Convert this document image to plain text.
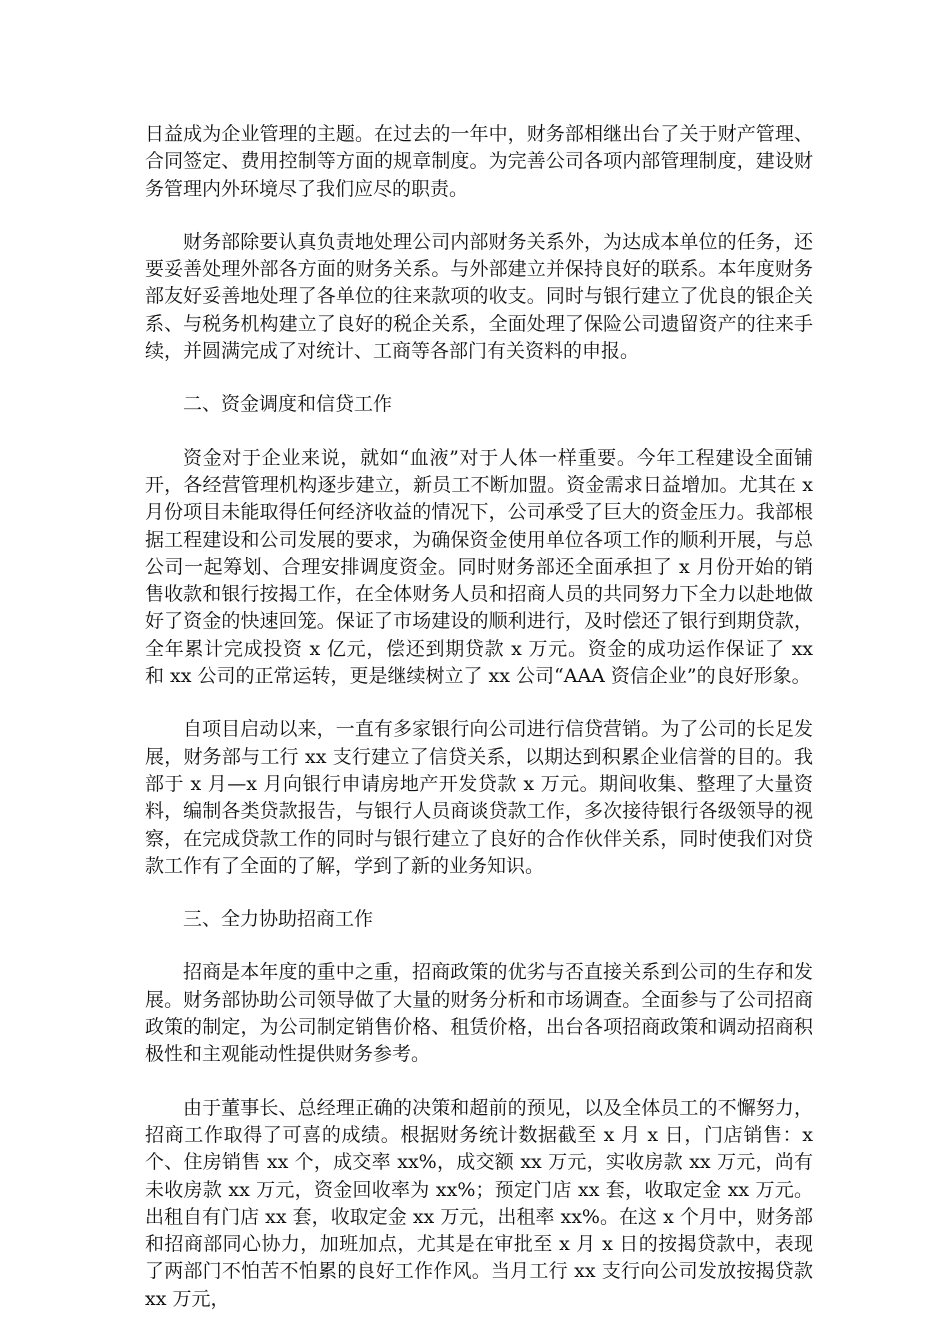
日益成为企业管理的主题。在过去的一年中，财务部相继出台了关于财产管理、合同签定、费用控制等方面的规章制度。为完善公司各项内部管理制度，建设财务管理内外环境尽了我们应尽的职责。

财务部除要认真负责地处理公司内部财务关系外，为达成本单位的任务，还要妥善处理外部各方面的财务关系。与外部建立并保持良好的联系。本年度财务部友好妥善地处理了各单位的往来款项的收支。同时与银行建立了优良的银企关系、与税务机构建立了良好的税企关系，全面处理了保险公司遗留资产的往来手续，并圆满完成了对统计、工商等各部门有关资料的申报。

二、资金调度和信贷工作

资金对于企业来说，就如“血液”对于人体一样重要。今年工程建设全面铺开，各经营管理机构逐步建立，新员工不断加盟。资金需求日益增加。尤其在 x 月份项目未能取得任何经济收益的情况下，公司承受了巨大的资金压力。我部根据工程建设和公司发展的要求，为确保资金使用单位各项工作的顺利开展，与总公司一起筹划、合理安排调度资金。同时财务部还全面承担了 x 月份开始的销售收款和银行按揭工作，在全体财务人员和招商人员的共同努力下全力以赴地做好了资金的快速回笼。保证了市场建设的顺利进行，及时偿还了银行到期贷款，全年累计完成投资 x 亿元，偿还到期贷款 x 万元。资金的成功运作保证了 xx 和 xx 公司的正常运转，更是继续树立了 xx 公司“AAA 资信企业”的良好形象。

自项目启动以来，一直有多家银行向公司进行信贷营销。为了公司的长足发展，财务部与工行 xx 支行建立了信贷关系，以期达到积累企业信誉的目的。我部于 x 月—x 月向银行申请房地产开发贷款 x 万元。期间收集、整理了大量资料，编制各类贷款报告，与银行人员商谈贷款工作，多次接待银行各级领导的视察，在完成贷款工作的同时与银行建立了良好的合作伙伴关系，同时使我们对贷款工作有了全面的了解，学到了新的业务知识。

三、全力协助招商工作

招商是本年度的重中之重，招商政策的优劣与否直接关系到公司的生存和发展。财务部协助公司领导做了大量的财务分析和市场调查。全面参与了公司招商政策的制定，为公司制定销售价格、租赁价格，出台各项招商政策和调动招商积极性和主观能动性提供财务参考。

由于董事长、总经理正确的决策和超前的预见，以及全体员工的不懈努力，招商工作取得了可喜的成绩。根据财务统计数据截至 x 月 x 日，门店销售：x 个、住房销售 xx 个，成交率 xx%，成交额 xx 万元，实收房款 xx 万元，尚有未收房款 xx 万元，资金回收率为 xx%；预定门店 xx 套，收取定金 xx 万元。出租自有门店 xx 套，收取定金 xx 万元，出租率 xx%。在这 x 个月中，财务部和招商部同心协力，加班加点，尤其是在审批至 x 月 x 日的按揭贷款中，表现了两部门不怕苦不怕累的良好工作作风。当月工行 xx 支行向公司发放按揭贷款 xx 万元，
